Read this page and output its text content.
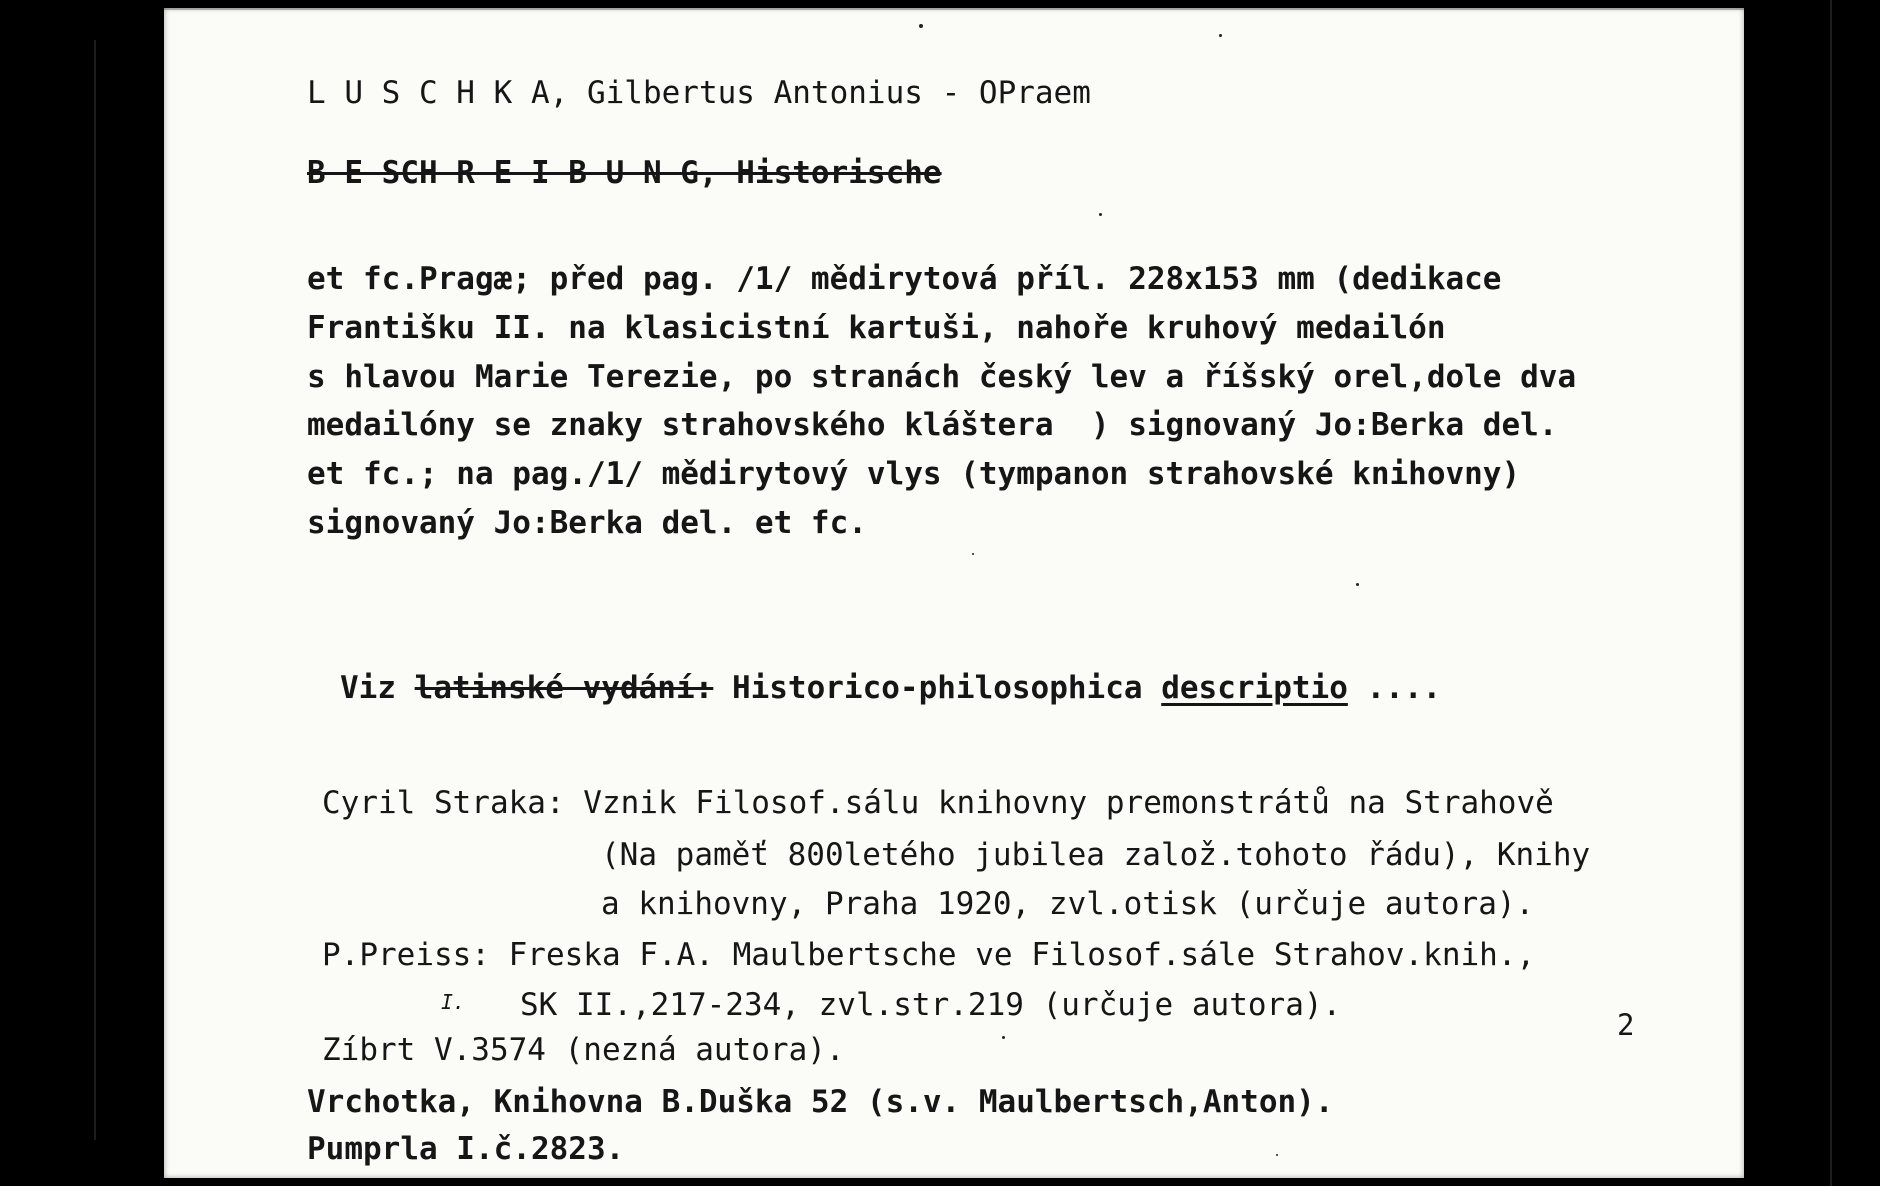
L U S C H K A, Gilbertus Antonius - OPraem
B E SCH R E I B U N G, Historische
et fc.Pragæ; před pag. /1/ mědirytová příl. 228x153 mm (dedikace
Františku II. na klasicistní kartuši, nahoře kruhový medailón
s hlavou Marie Terezie, po stranách český lev a říšský orel,dole dva
medailóny se znaky strahovského kláštera  ) signovaný Jo:Berka del.
et fc.; na pag./1/ mědirytový vlys (tympanon strahovské knihovny)
signovaný Jo:Berka del. et fc.
Viz latinské vydání: Historico-philosophica descriptio ....
Cyril Straka: Vznik Filosof.sálu knihovny premonstrátů na Strahově
(Na paměť 800letého jubilea založ.tohoto řádu), Knihy
a knihovny, Praha 1920, zvl.otisk (určuje autora).
P.Preiss: Freska F.A. Maulbertsche ve Filosof.sále Strahov.knih.,
SK II.,217-234, zvl.str.219 (určuje autora).
I.
Zíbrt V.3574 (nezná autora).
Vrchotka, Knihovna B.Duška 52 (s.v. Maulbertsch,Anton).
Pumprla I.č.2823.
2
